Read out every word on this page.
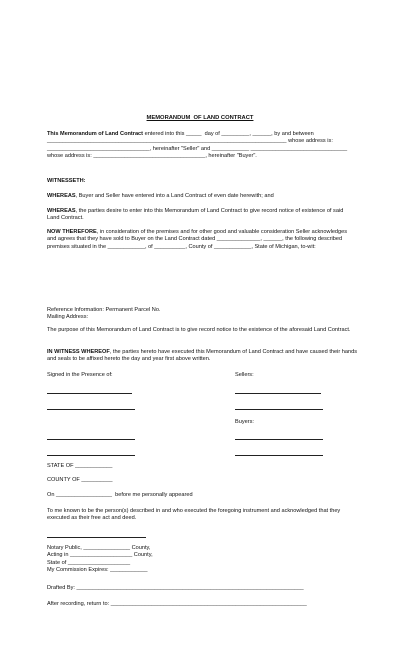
MEMORANDUM  OF LAND CONTRACT
This Memorandum of Land Contract entered into this _____  day of _________, ______, by and between _____________________________________________________________________________ whose address is: _________________________________, hereinafter "Seller" and ____________ _______________________________ whose address is: ____________________________________, hereinafter "Buyer".
WITNESSETH:
WHEREAS, Buyer and Seller have entered into a Land Contract of even date herewith; and
WHEREAS, the parties desire to enter into this Memorandum of Land Contract to give record notice of existence of said Land Contract.
NOW THEREFORE, in consideration of the premises and for other good and valuable consideration Seller acknowledges and agrees that they have sold to Buyer on the Land Contract dated ______________, ______, the following described premises situated in the ____________, of __________, County of ____________, State of Michigan, to-wit:
Reference Information: Permanent Parcel No.
Mailing Address:
The purpose of this Memorandum of Land Contract is to give record notice to the existence of the aforesaid Land Contract.
IN WITNESS WHEREOF, the parties hereto have executed this Memorandum of Land Contract and have caused their hands and seals to be affixed hereto the day and year first above written.
Signed in the Presence of:	Sellers:
Buyers:
STATE OF ____________
COUNTY OF __________
On __________________  before me personally appeared
To me known to be the person(s) described in and who executed the foregoing instrument and acknowledged that they executed as their free act and deed.
Notary Public, _______________ County,
Acting in ____________________ County,
State of ____________________
My Commission Expires: ____________
Drafted By: _________________________________________________________________________
After recording, return to: _______________________________________________________________
